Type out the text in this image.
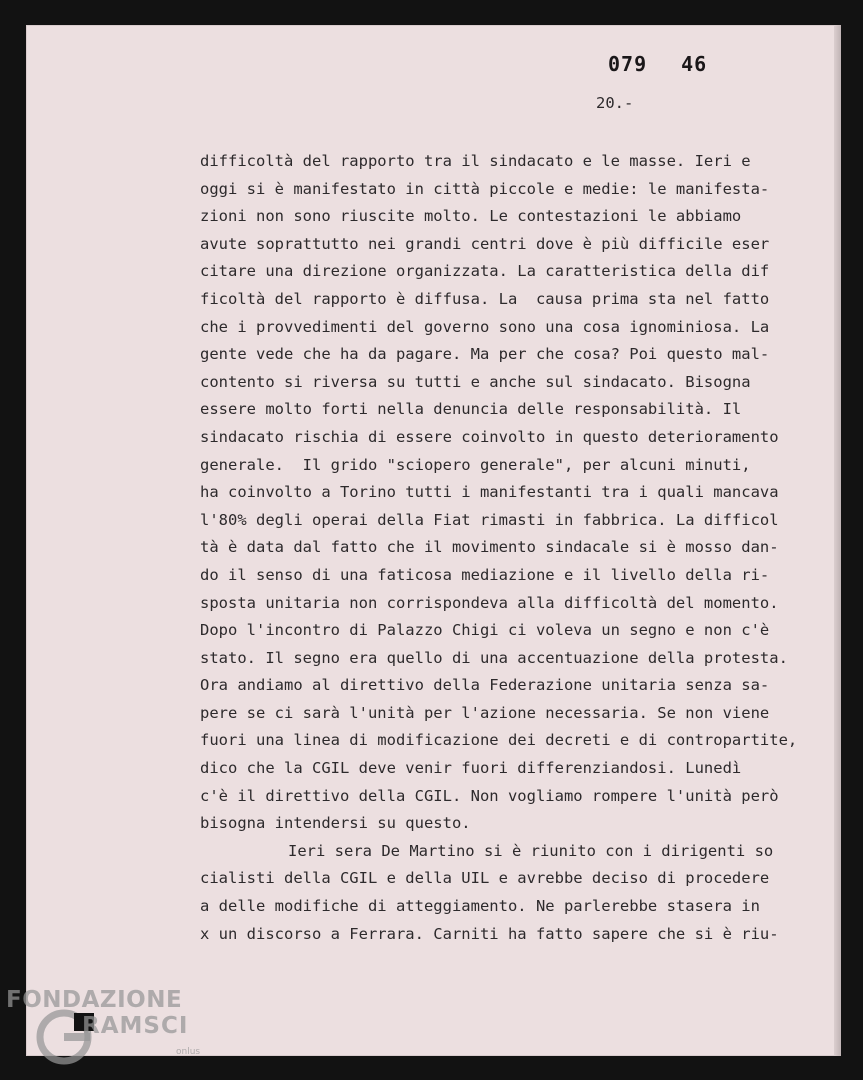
079 46
20.-
difficoltà del rapporto tra il sindacato e le masse. Ieri e
oggi si è manifestato in città piccole e medie: le manifesta-
zioni non sono riuscite molto. Le contestazioni le abbiamo
avute soprattutto nei grandi centri dove è più difficile eser
citare una direzione organizzata. La caratteristica della dif
ficoltà del rapporto è diffusa. La  causa prima sta nel fatto
che i provvedimenti del governo sono una cosa ignominiosa. La
gente vede che ha da pagare. Ma per che cosa? Poi questo mal-
contento si riversa su tutti e anche sul sindacato. Bisogna
essere molto forti nella denuncia delle responsabilità. Il
sindacato rischia di essere coinvolto in questo deterioramento
generale.  Il grido "sciopero generale", per alcuni minuti,
ha coinvolto a Torino tutti i manifestanti tra i quali mancava
l'80% degli operai della Fiat rimasti in fabbrica. La difficol
tà è data dal fatto che il movimento sindacale si è mosso dan-
do il senso di una faticosa mediazione e il livello della ri-
sposta unitaria non corrispondeva alla difficoltà del momento.
Dopo l'incontro di Palazzo Chigi ci voleva un segno e non c'è
stato. Il segno era quello di una accentuazione della protesta.
Ora andiamo al direttivo della Federazione unitaria senza sa-
pere se ci sarà l'unità per l'azione necessaria. Se non viene
fuori una linea di modificazione dei decreti e di contropartite,
dico che la CGIL deve venir fuori differenziandosi. Lunedì
c'è il direttivo della CGIL. Non vogliamo rompere l'unità però
bisogna intendersi su questo.
Ieri sera De Martino si è riunito con i dirigenti so
cialisti della CGIL e della UIL e avrebbe deciso di procedere
a delle modifiche di atteggiamento. Ne parlerebbe stasera in
x un discorso a Ferrara. Carniti ha fatto sapere che si è riu-
FONDAZIONE
RAMSCI
onlus
